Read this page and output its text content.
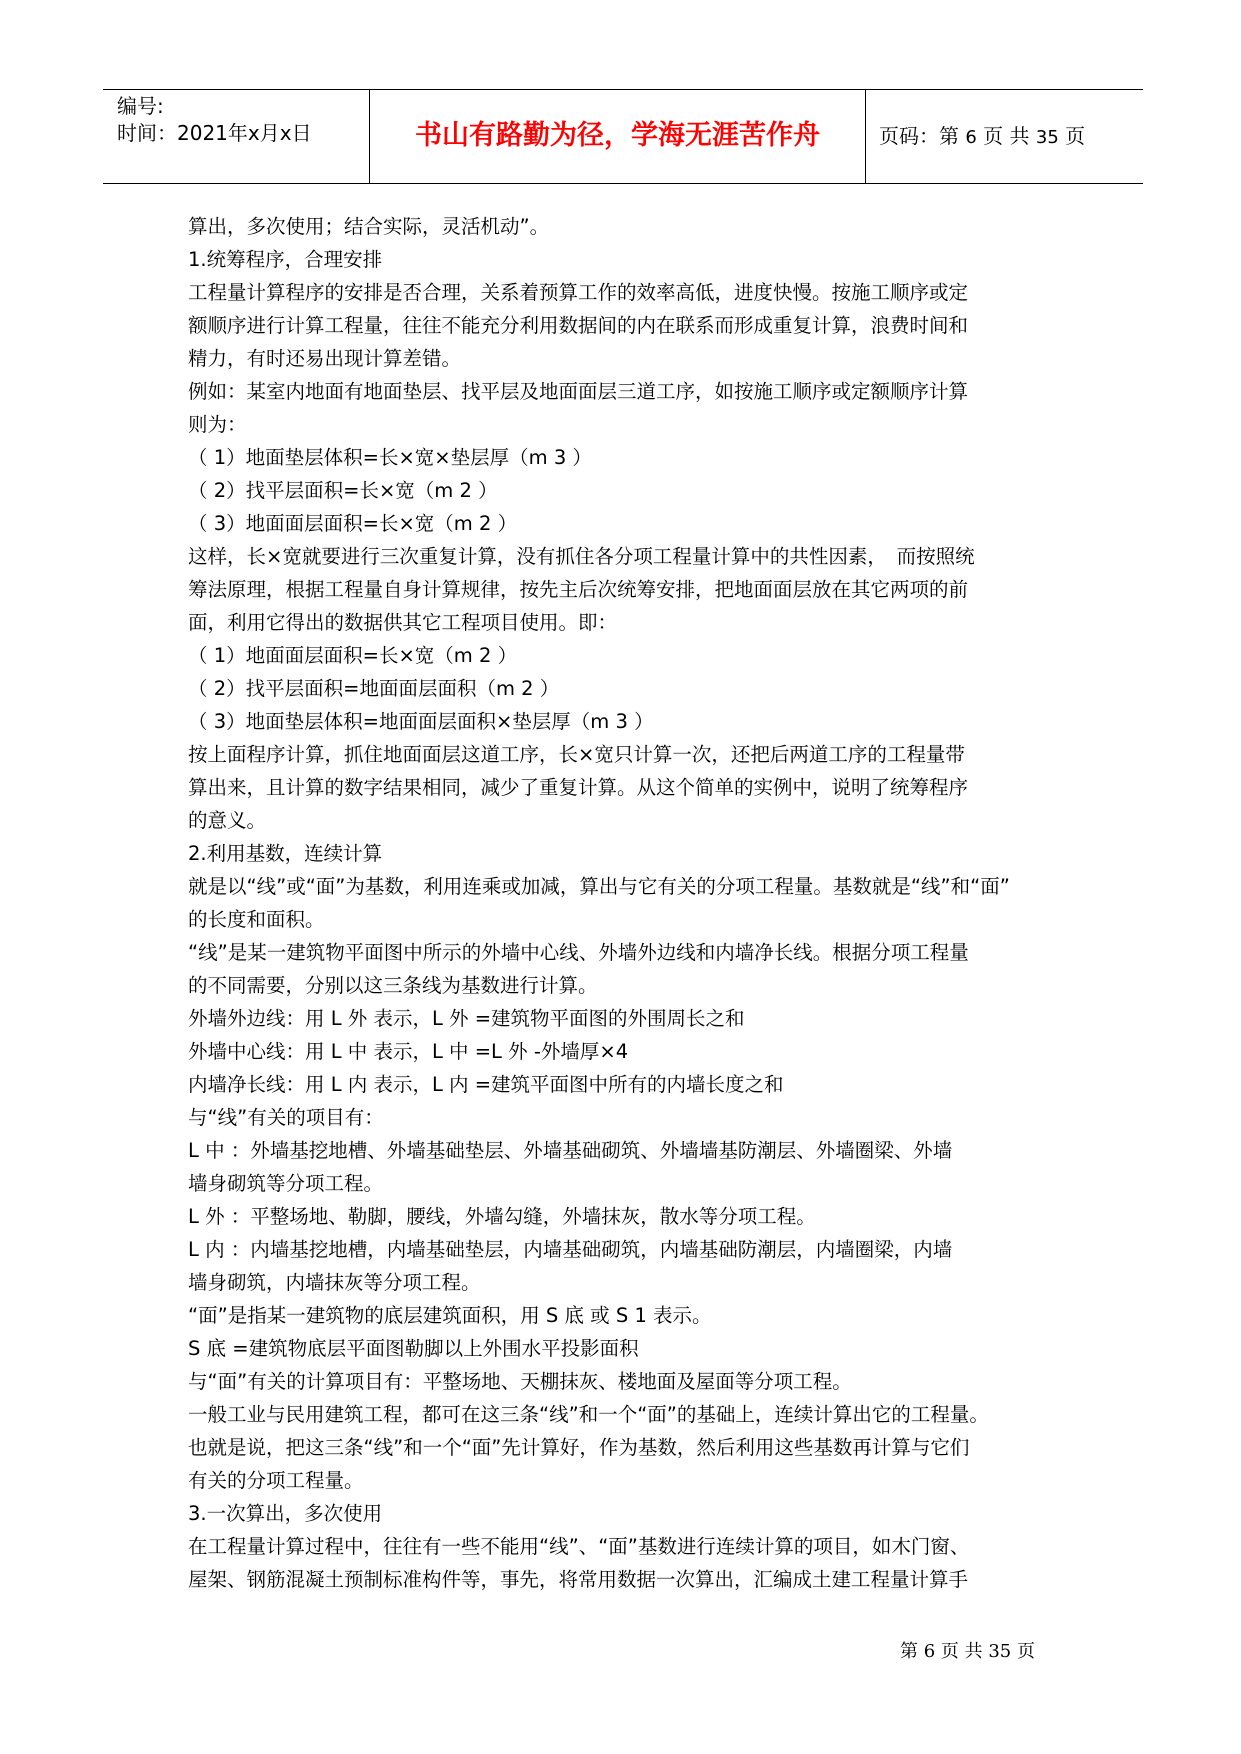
编号:
时间：2021年x月x日	书山有路勤为径，学海无涯苦作舟	页码：第 6 页 共 35 页
算出，多次使用；结合实际，灵活机动”。
1.统筹程序，合理安排
工程量计算程序的安排是否合理，关系着预算工作的效率高低，进度快慢。按施工顺序或定
额顺序进行计算工程量，往往不能充分利用数据间的内在联系而形成重复计算，浪费时间和
精力，有时还易出现计算差错。
例如：某室内地面有地面垫层、找平层及地面面层三道工序，如按施工顺序或定额顺序计算
则为：
（ 1）地面垫层体积=长×宽×垫层厚（m 3 ）
（ 2）找平层面积=长×宽（m 2 ）
（ 3）地面面层面积=长×宽（m 2 ）
这样，长×宽就要进行三次重复计算，没有抓住各分项工程量计算中的共性因素，　而按照统
筹法原理，根据工程量自身计算规律，按先主后次统筹安排，把地面面层放在其它两项的前
面，利用它得出的数据供其它工程项目使用。即：
（ 1）地面面层面积=长×宽（m 2 ）
（ 2）找平层面积=地面面层面积（m 2 ）
（ 3）地面垫层体积=地面面层面积×垫层厚（m 3 ）
按上面程序计算，抓住地面面层这道工序，长×宽只计算一次，还把后两道工序的工程量带
算出来，且计算的数字结果相同，减少了重复计算。从这个简单的实例中，说明了统筹程序
的意义。
2.利用基数，连续计算
就是以“线”或“面”为基数，利用连乘或加减，算出与它有关的分项工程量。基数就是“线”和“面”
的长度和面积。
“线”是某一建筑物平面图中所示的外墙中心线、外墙外边线和内墙净长线。根据分项工程量
的不同需要，分别以这三条线为基数进行计算。
外墙外边线：用 L 外 表示，L 外 =建筑物平面图的外围周长之和
外墙中心线：用 L 中 表示，L 中 =L 外 -外墙厚×4
内墙净长线：用 L 内 表示，L 内 =建筑平面图中所有的内墙长度之和
与“线”有关的项目有：
L 中 ：外墙基挖地槽、外墙基础垫层、外墙基础砌筑、外墙墙基防潮层、外墙圈梁、外墙
墙身砌筑等分项工程。
L 外 ：平整场地、勒脚，腰线，外墙勾缝，外墙抹灰，散水等分项工程。
L 内 ：内墙基挖地槽，内墙基础垫层，内墙基础砌筑，内墙基础防潮层，内墙圈梁，内墙
墙身砌筑，内墙抹灰等分项工程。
“面”是指某一建筑物的底层建筑面积，用 S 底 或 S 1 表示。
S 底 =建筑物底层平面图勒脚以上外围水平投影面积
与“面”有关的计算项目有：平整场地、天棚抹灰、楼地面及屋面等分项工程。
一般工业与民用建筑工程，都可在这三条“线”和一个“面”的基础上，连续计算出它的工程量。
也就是说，把这三条“线”和一个“面”先计算好，作为基数，然后利用这些基数再计算与它们
有关的分项工程量。
3.一次算出，多次使用
在工程量计算过程中，往往有一些不能用“线”、“面”基数进行连续计算的项目，如木门窗、
屋架、钢筋混凝土预制标准构件等，事先，将常用数据一次算出，汇编成土建工程量计算手
第 6 页 共 35 页
